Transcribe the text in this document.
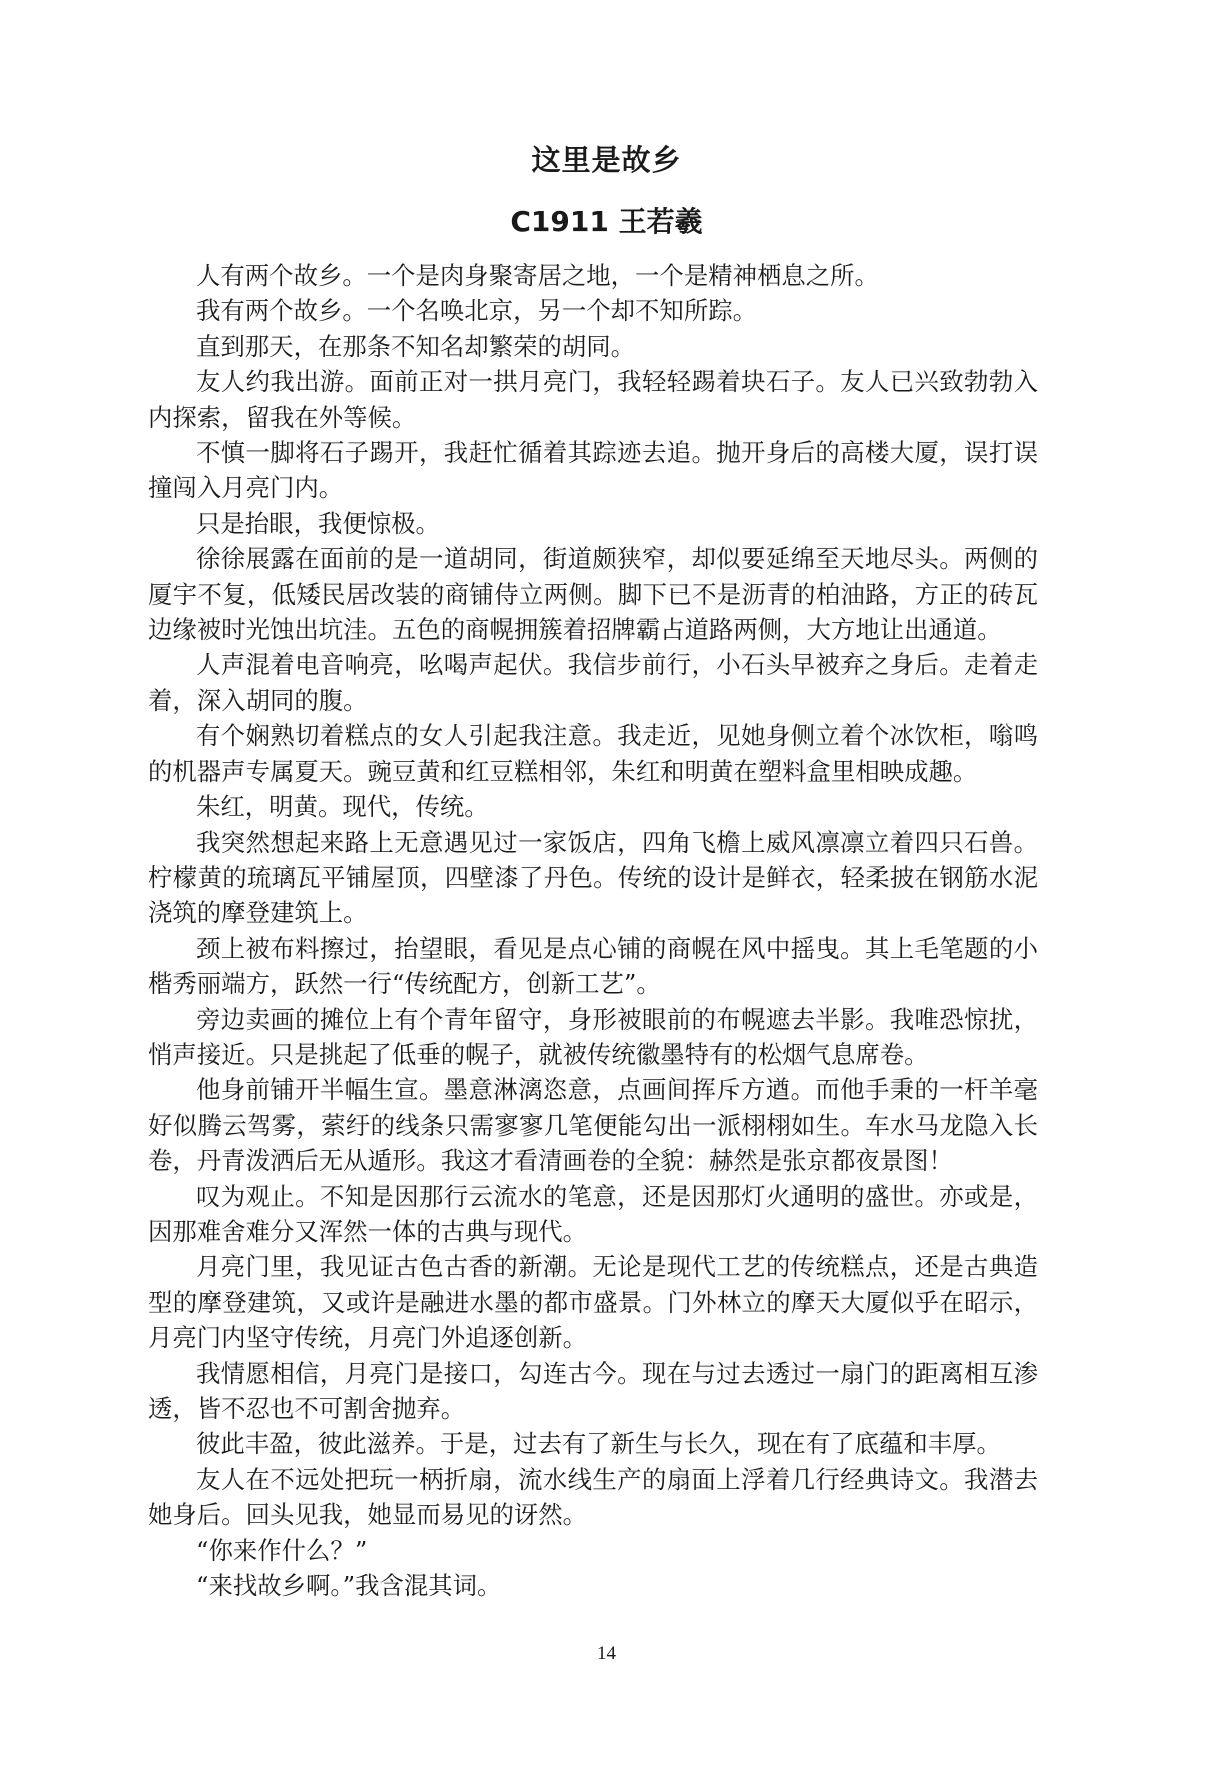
这里是故乡
C1911 王若羲

人有两个故乡。一个是肉身聚寄居之地，一个是精神栖息之所。

我有两个故乡。一个名唤北京，另一个却不知所踪。

直到那天，在那条不知名却繁荣的胡同。

友人约我出游。面前正对一拱月亮门，我轻轻踢着块石子。友人已兴致勃勃入内探索，留我在外等候。

不慎一脚将石子踢开，我赶忙循着其踪迹去追。抛开身后的高楼大厦，误打误撞闯入月亮门内。

只是抬眼，我便惊极。

徐徐展露在面前的是一道胡同，街道颇狭窄，却似要延绵至天地尽头。两侧的厦宇不复，低矮民居改装的商铺侍立两侧。脚下已不是沥青的柏油路，方正的砖瓦边缘被时光蚀出坑洼。五色的商幌拥簇着招牌霸占道路两侧，大方地让出通道。

人声混着电音响亮，吆喝声起伏。我信步前行，小石头早被弃之身后。走着走着，深入胡同的腹。

有个娴熟切着糕点的女人引起我注意。我走近，见她身侧立着个冰饮柜，嗡鸣的机器声专属夏天。豌豆黄和红豆糕相邻，朱红和明黄在塑料盒里相映成趣。

朱红，明黄。现代，传统。

我突然想起来路上无意遇见过一家饭店，四角飞檐上威风凛凛立着四只石兽。柠檬黄的琉璃瓦平铺屋顶，四壁漆了丹色。传统的设计是鲜衣，轻柔披在钢筋水泥浇筑的摩登建筑上。

颈上被布料擦过，抬望眼，看见是点心铺的商幌在风中摇曳。其上毛笔题的小楷秀丽端方，跃然一行“传统配方，创新工艺”。

旁边卖画的摊位上有个青年留守，身形被眼前的布幌遮去半影。我唯恐惊扰，悄声接近。只是挑起了低垂的幌子，就被传统徽墨特有的松烟气息席卷。

他身前铺开半幅生宣。墨意淋漓恣意，点画间挥斥方遒。而他手秉的一杆羊毫好似腾云驾雾，萦纡的线条只需寥寥几笔便能勾出一派栩栩如生。车水马龙隐入长卷，丹青泼洒后无从遁形。我这才看清画卷的全貌：赫然是张京都夜景图！

叹为观止。不知是因那行云流水的笔意，还是因那灯火通明的盛世。亦或是，因那难舍难分又浑然一体的古典与现代。

月亮门里，我见证古色古香的新潮。无论是现代工艺的传统糕点，还是古典造型的摩登建筑，又或许是融进水墨的都市盛景。门外林立的摩天大厦似乎在昭示，月亮门内坚守传统，月亮门外追逐创新。

我情愿相信，月亮门是接口，勾连古今。现在与过去透过一扇门的距离相互渗透，皆不忍也不可割舍抛弃。

彼此丰盈，彼此滋养。于是，过去有了新生与长久，现在有了底蕴和丰厚。

友人在不远处把玩一柄折扇，流水线生产的扇面上浮着几行经典诗文。我潜去她身后。回头见我，她显而易见的讶然。

“你来作什么？”

“来找故乡啊。”我含混其词。

14
